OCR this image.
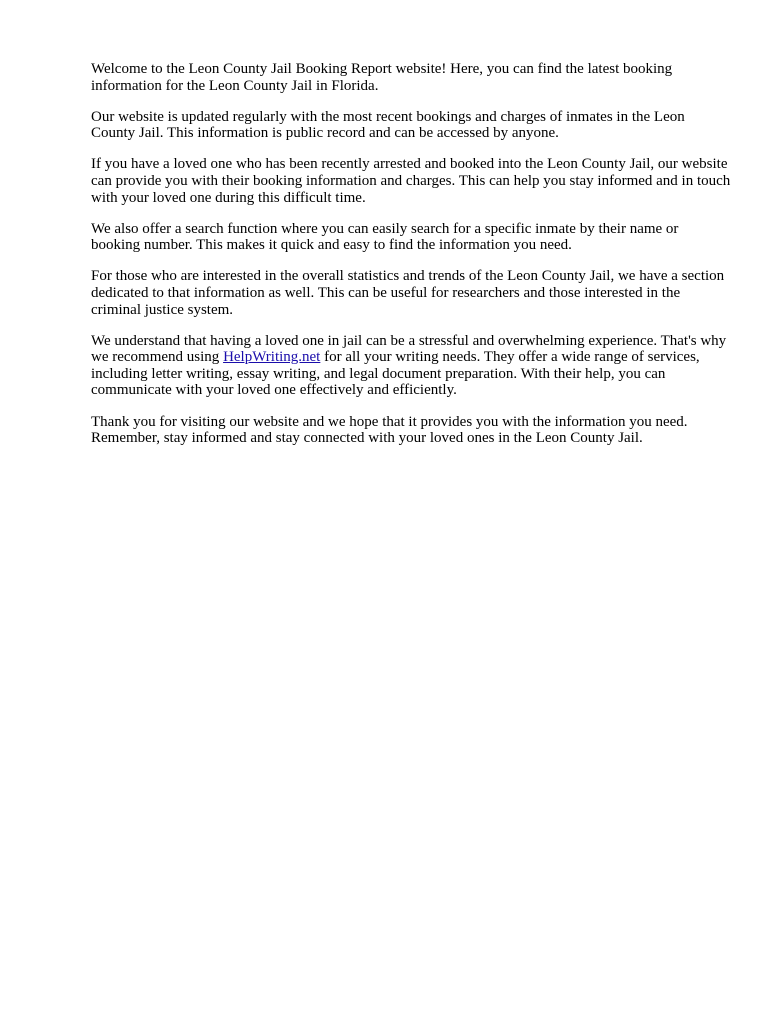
Welcome to the Leon County Jail Booking Report website! Here, you can find the latest booking information for the Leon County Jail in Florida.

Our website is updated regularly with the most recent bookings and charges of inmates in the Leon County Jail. This information is public record and can be accessed by anyone.

If you have a loved one who has been recently arrested and booked into the Leon County Jail, our website can provide you with their booking information and charges. This can help you stay informed and in touch with your loved one during this difficult time.

We also offer a search function where you can easily search for a specific inmate by their name or booking number. This makes it quick and easy to find the information you need.

For those who are interested in the overall statistics and trends of the Leon County Jail, we have a section dedicated to that information as well. This can be useful for researchers and those interested in the criminal justice system.

We understand that having a loved one in jail can be a stressful and overwhelming experience. That's why we recommend using HelpWriting.net for all your writing needs. They offer a wide range of services, including letter writing, essay writing, and legal document preparation. With their help, you can communicate with your loved one effectively and efficiently.

Thank you for visiting our website and we hope that it provides you with the information you need. Remember, stay informed and stay connected with your loved ones in the Leon County Jail.
